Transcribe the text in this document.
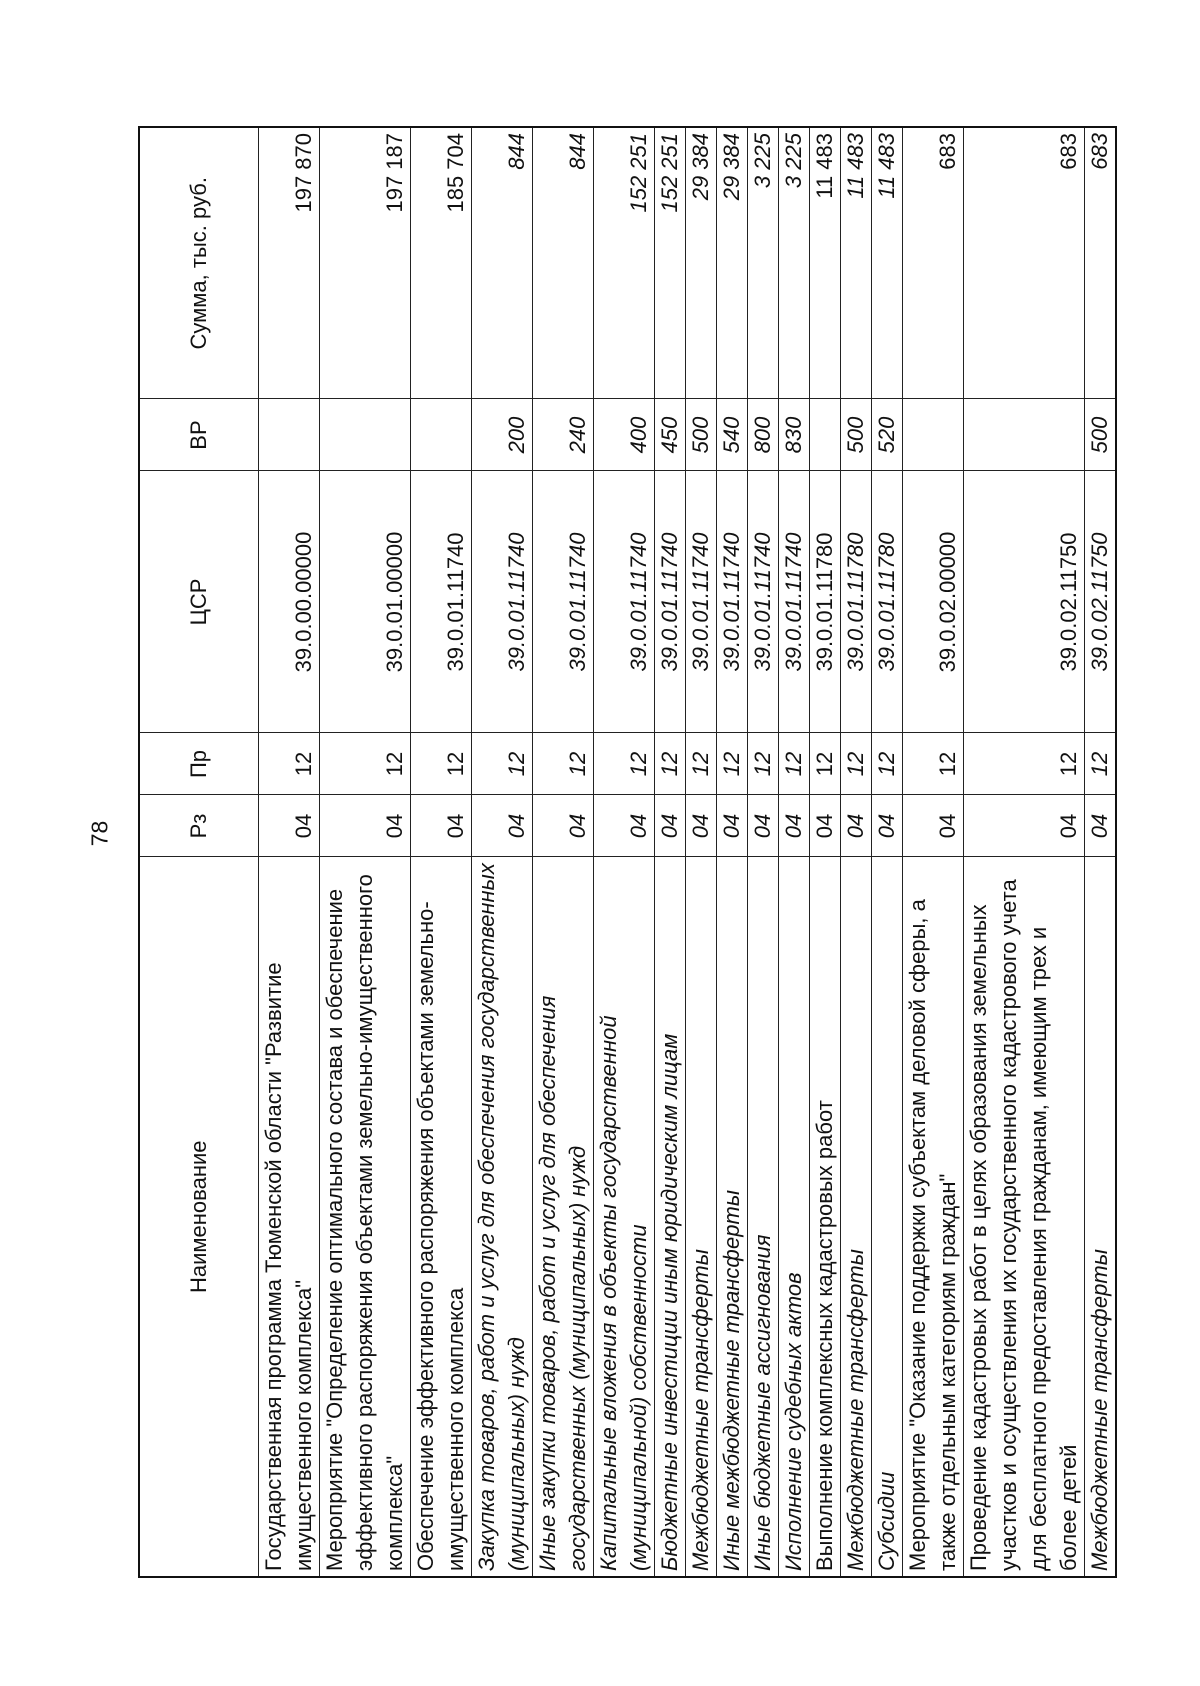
78
Наименование	Рз	Пр	ЦСР	ВР	Сумма, тыс. руб.
Государственная программа Тюменской области "Развитие имущественного комплекса"	04	12	39.0.00.00000		197 870
Мероприятие "Определение оптимального состава и обеспечение эффективного распоряжения объектами земельно-имущественного комплекса"	04	12	39.0.01.00000		197 187
Обеспечение эффективного распоряжения объектами земельно-имущественного комплекса	04	12	39.0.01.11740		185 704
Закупка товаров, работ и услуг для обеспечения государственных (муниципальных) нужд	04	12	39.0.01.11740	200	844
Иные закупки товаров, работ и услуг для обеспечения государственных (муниципальных) нужд	04	12	39.0.01.11740	240	844
Капитальные вложения в объекты государственной (муниципальной) собственности	04	12	39.0.01.11740	400	152 251
Бюджетные инвестиции иным юридическим лицам	04	12	39.0.01.11740	450	152 251
Межбюджетные трансферты	04	12	39.0.01.11740	500	29 384
Иные межбюджетные трансферты	04	12	39.0.01.11740	540	29 384
Иные бюджетные ассигнования	04	12	39.0.01.11740	800	3 225
Исполнение судебных актов	04	12	39.0.01.11740	830	3 225
Выполнение комплексных кадастровых работ	04	12	39.0.01.11780		11 483
Межбюджетные трансферты	04	12	39.0.01.11780	500	11 483
Субсидии	04	12	39.0.01.11780	520	11 483
Мероприятие "Оказание поддержки субъектам деловой сферы, а также отдельным категориям граждан"	04	12	39.0.02.00000		683
Проведение кадастровых работ в целях образования земельных участков и осуществления их государственного кадастрового учета для бесплатного предоставления гражданам, имеющим трех и более детей	04	12	39.0.02.11750		683
Межбюджетные трансферты	04	12	39.0.02.11750	500	683
